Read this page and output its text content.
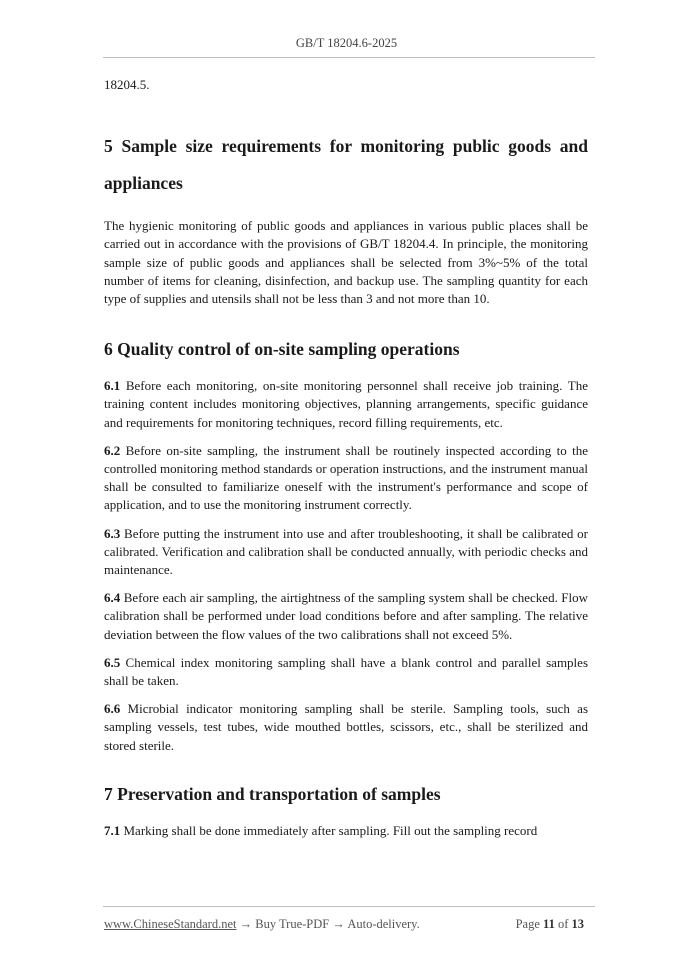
GB/T 18204.6-2025

18204.5.

5 Sample size requirements for monitoring public goods and appliances

The hygienic monitoring of public goods and appliances in various public places shall be carried out in accordance with the provisions of GB/T 18204.4. In principle, the monitoring sample size of public goods and appliances shall be selected from 3%~5% of the total number of items for cleaning, disinfection, and backup use. The sampling quantity for each type of supplies and utensils shall not be less than 3 and not more than 10.

6 Quality control of on-site sampling operations

6.1 Before each monitoring, on-site monitoring personnel shall receive job training. The training content includes monitoring objectives, planning arrangements, specific guidance and requirements for monitoring techniques, record filling requirements, etc.

6.2 Before on-site sampling, the instrument shall be routinely inspected according to the controlled monitoring method standards or operation instructions, and the instrument manual shall be consulted to familiarize oneself with the instrument's performance and scope of application, and to use the monitoring instrument correctly.

6.3 Before putting the instrument into use and after troubleshooting, it shall be calibrated or calibrated. Verification and calibration shall be conducted annually, with periodic checks and maintenance.

6.4 Before each air sampling, the airtightness of the sampling system shall be checked. Flow calibration shall be performed under load conditions before and after sampling. The relative deviation between the flow values of the two calibrations shall not exceed 5%.

6.5 Chemical index monitoring sampling shall have a blank control and parallel samples shall be taken.

6.6 Microbial indicator monitoring sampling shall be sterile. Sampling tools, such as sampling vessels, test tubes, wide mouthed bottles, scissors, etc., shall be sterilized and stored sterile.

7 Preservation and transportation of samples

7.1 Marking shall be done immediately after sampling. Fill out the sampling record

www.ChineseStandard.net → Buy True-PDF → Auto-delivery.	Page 11 of 13
